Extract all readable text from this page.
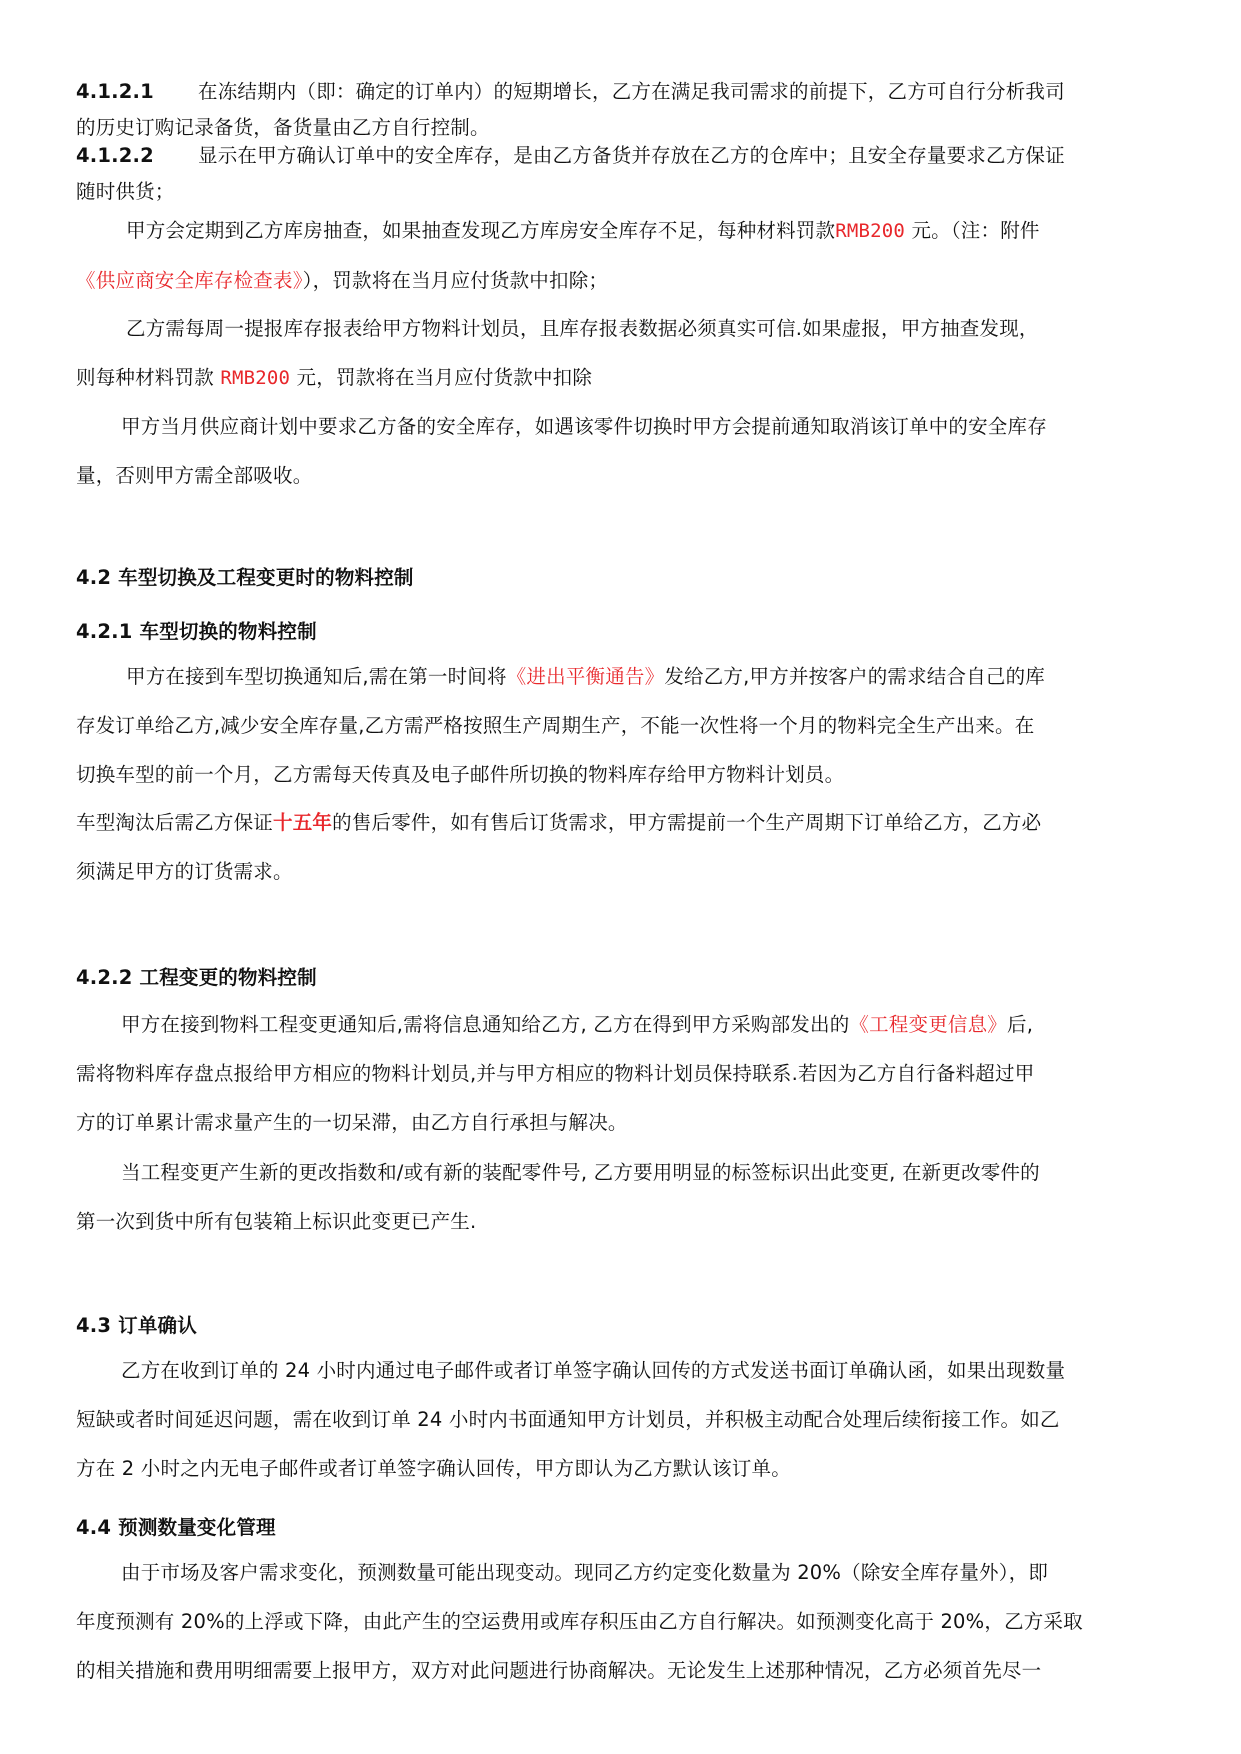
4.1.2.1 在冻结期内（即：确定的订单内）的短期增长，乙方在满足我司需求的前提下，乙方可自行分析我司
的历史订购记录备货，备货量由乙方自行控制。
4.1.2.2 显示在甲方确认订单中的安全库存，是由乙方备货并存放在乙方的仓库中；且安全存量要求乙方保证
随时供货；
甲方会定期到乙方库房抽查，如果抽查发现乙方库房安全库存不足，每种材料罚款RMB200 元。（注：附件
《供应商安全库存检查表》），罚款将在当月应付货款中扣除；
乙方需每周一提报库存报表给甲方物料计划员，且库存报表数据必须真实可信.如果虚报，甲方抽查发现，
则每种材料罚款 RMB200 元，罚款将在当月应付货款中扣除
甲方当月供应商计划中要求乙方备的安全库存，如遇该零件切换时甲方会提前通知取消该订单中的安全库存
量，否则甲方需全部吸收。
4.2 车型切换及工程变更时的物料控制
4.2.1 车型切换的物料控制
甲方在接到车型切换通知后,需在第一时间将《进出平衡通告》发给乙方,甲方并按客户的需求结合自己的库
存发订单给乙方,减少安全库存量,乙方需严格按照生产周期生产，不能一次性将一个月的物料完全生产出来。在
切换车型的前一个月，乙方需每天传真及电子邮件所切换的物料库存给甲方物料计划员。
车型淘汰后需乙方保证十五年的售后零件，如有售后订货需求，甲方需提前一个生产周期下订单给乙方，乙方必
须满足甲方的订货需求。
4.2.2 工程变更的物料控制
甲方在接到物料工程变更通知后,需将信息通知给乙方, 乙方在得到甲方采购部发出的《工程变更信息》后,
需将物料库存盘点报给甲方相应的物料计划员,并与甲方相应的物料计划员保持联系.若因为乙方自行备料超过甲
方的订单累计需求量产生的一切呆滞，由乙方自行承担与解决。
当工程变更产生新的更改指数和/或有新的装配零件号, 乙方要用明显的标签标识出此变更, 在新更改零件的
第一次到货中所有包装箱上标识此变更已产生.
4.3 订单确认
乙方在收到订单的 24 小时内通过电子邮件或者订单签字确认回传的方式发送书面订单确认函，如果出现数量
短缺或者时间延迟问题，需在收到订单 24 小时内书面通知甲方计划员，并积极主动配合处理后续衔接工作。如乙
方在 2 小时之内无电子邮件或者订单签字确认回传，甲方即认为乙方默认该订单。
4.4 预测数量变化管理
由于市场及客户需求变化，预测数量可能出现变动。现同乙方约定变化数量为 20%（除安全库存量外），即
年度预测有 20%的上浮或下降，由此产生的空运费用或库存积压由乙方自行解决。如预测变化高于 20%，乙方采取
的相关措施和费用明细需要上报甲方，双方对此问题进行协商解决。无论发生上述那种情况，乙方必须首先尽一
